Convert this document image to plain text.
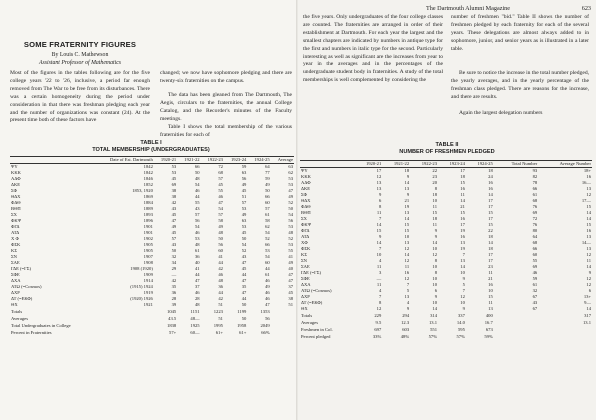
SOME FRATERNITY FIGURES
By Louis C. Mathewson
Assistant Professor of Mathematics
Most of the figures in the tables following are for the five college years '22 to '26, inclusive, a period far enough removed from The War to be free from its disturbances. There was a certain homogeneity during the period under consideration in that there was freshman pledging each year and the number of organizations was constant (24). At the present time both of these factors have
changed; we now have sophomore pledging and there are twenty-six fraternities on the campus.
The data has been gleaned from The Dartmouth, The Aegis, circulars to the fraternities, the annual College Catalog, and the Recorder's minutes of the Faculty meetings.
Table I shows the total membership of the various fraternities for each of
TABLE I
TOTAL MEMBERSHIP (UNDERGRADUATES)
	Date of Est. Dartmouth	1920-21	1921-22	1922-23	1923-24	1924-25	Average
ΨΥ	1842	53	66	72	59	64	63
ΚΚΚ	1842	53	50	68	63	77	62
ΑΔΦ	1846	45	48	57	56	59	53
ΔΚΕ	1852	69	54	45	49	49	53
ΣΦ	1853, 1920	38	46	55	45	50	47
ΘΔΧ	1869	38	44	46	51	66	49
ΦΔΘ	1884	42	55	47	57	60	52
ΒΘΠ	1889	43	43	54	53	57	50
ΣΧ	1893	45	57	57	49	61	54
ΦΚΨ	1896	47	56	58	63	58	56
ΦΓΔ	1901	49	54	49	53	62	53
ΑΤΔ	1901	45	46	48	45	54	48
Χ Φ	1902	57	53	50	50	52	52
ΦΣΚ	1905	43	48	56	54	66	53
ΚΣ	1905	50	61	60	52	53	55
ΣΝ	1907	32	36	41	43	54	41
ΣΑΕ	1908	34	40	44	47	60	49
ΓΔΕ (=ΓΣ)	1908 (1920)	29	41	42	45	44	40
ΣΦΕ	1909	—	44	46	44	61	47
ΔΧΑ	1914	42	47	48	47	46	47
ΑΤΩ (=Cosmos)	(1915) 1924	35	37	36	35	49	37
ΔΧΡ	1919	36	46	44	47	46	45
ΔΤ (=ΕΚΦ)	(1920) 1926	28	28	42	44	46	38
ΘΧ	1921	39	48	51	50	47	51
Totals		1045	1151	1223	1199	1353	
Averages		43.5	48—	51	50	56	
Total Undergraduates in College		1838	1925	1995	1958	2049	
Percent in Fraternities		57+	60—	61+	61+	66%	
The Dartmouth Alumni Magazine	623
the five years. Only undergraduates of the four college classes are counted. The fraternities are arranged in order of their establishment at Dartmouth. For each year the largest and the smallest chapters are indicated by numbers in antique type for the first and numbers in italic type for the second. Particularly interesting as well as significant are the increases from year to year in the averages and in the percentages of the undergraduate student body in fraternities. A study of the total memberships is well complemented by considering the
number of freshmen "bid." Table II shows the number of freshmen pledged by each fraternity for each of the several years. These delegations are almost always added to in sophomore, junior, and senior years as is illustrated in a later table.
Be sure to notice the increase in the total number pledged, the yearly averages, and in the yearly percentage of the freshman class pledged. There are reasons for the increase, and there are results.
Again the largest delegation numbers
TABLE II
NUMBER OF FRESHMEN PLEDGED
	1920-21	1921-22	1922-23	1923-24	1924-25	Total Number	Average Number
ΨΥ	17	18	22	17	18	93	18+
ΚΚΚ	12	9	23	18	24	82	16
ΑΔΦ	13	14	20	15	16	78	16—
ΔΚΕ	13	13	8	16	16	66	13
ΣΦ	9	9	18	11	14	61	12
ΘΔΧ	6	21	10	14	17	68	17—
ΦΔΘ	8	19	11	21	17	76	15
ΒΘΠ	11	13	15	15	15	69	14
ΣΧ	7	14	18	16	17	72	14
ΦΚΨ	14	15	11	17	15	76	15
ΦΓΔ	15	15	9	19	22	80	16
ΑΤΔ	9	10	9	16	18	64	13
ΧΦ	14	13	14	13	14	68	14—
ΦΣΚ	7	12	10	19	18	66	13
ΚΣ	10	14	12	7	17	60	12
ΣΝ	4	12	8	13	17	55	11
ΣΑΕ	11	11	10	14	23	69	14
ΓΔΕ (=ΓΣ)	3	16	8	10	11	46	9
ΣΦΕ	—	12	10	9	21	59	12
ΔΧΑ	11	7	10	5	16	61	12
ΑΤΩ (=Cosmos)	4	5	6	7	10	32	6
ΔΧΡ	7	13	9	12	15	67	13+
ΔΤ (=ΕΚΦ)	8	4	10	10	11	43	9—
ΘΧ	12	9	14	9	13	67	14
Totals	229	294	314	337	400		317
Averages	9.5	12.3	13.1	14.0	16.7		13.1
Freshmen in Col.	697	603	551	595	673		
Percent pledged	33%	48%	57%	57%	59%		
